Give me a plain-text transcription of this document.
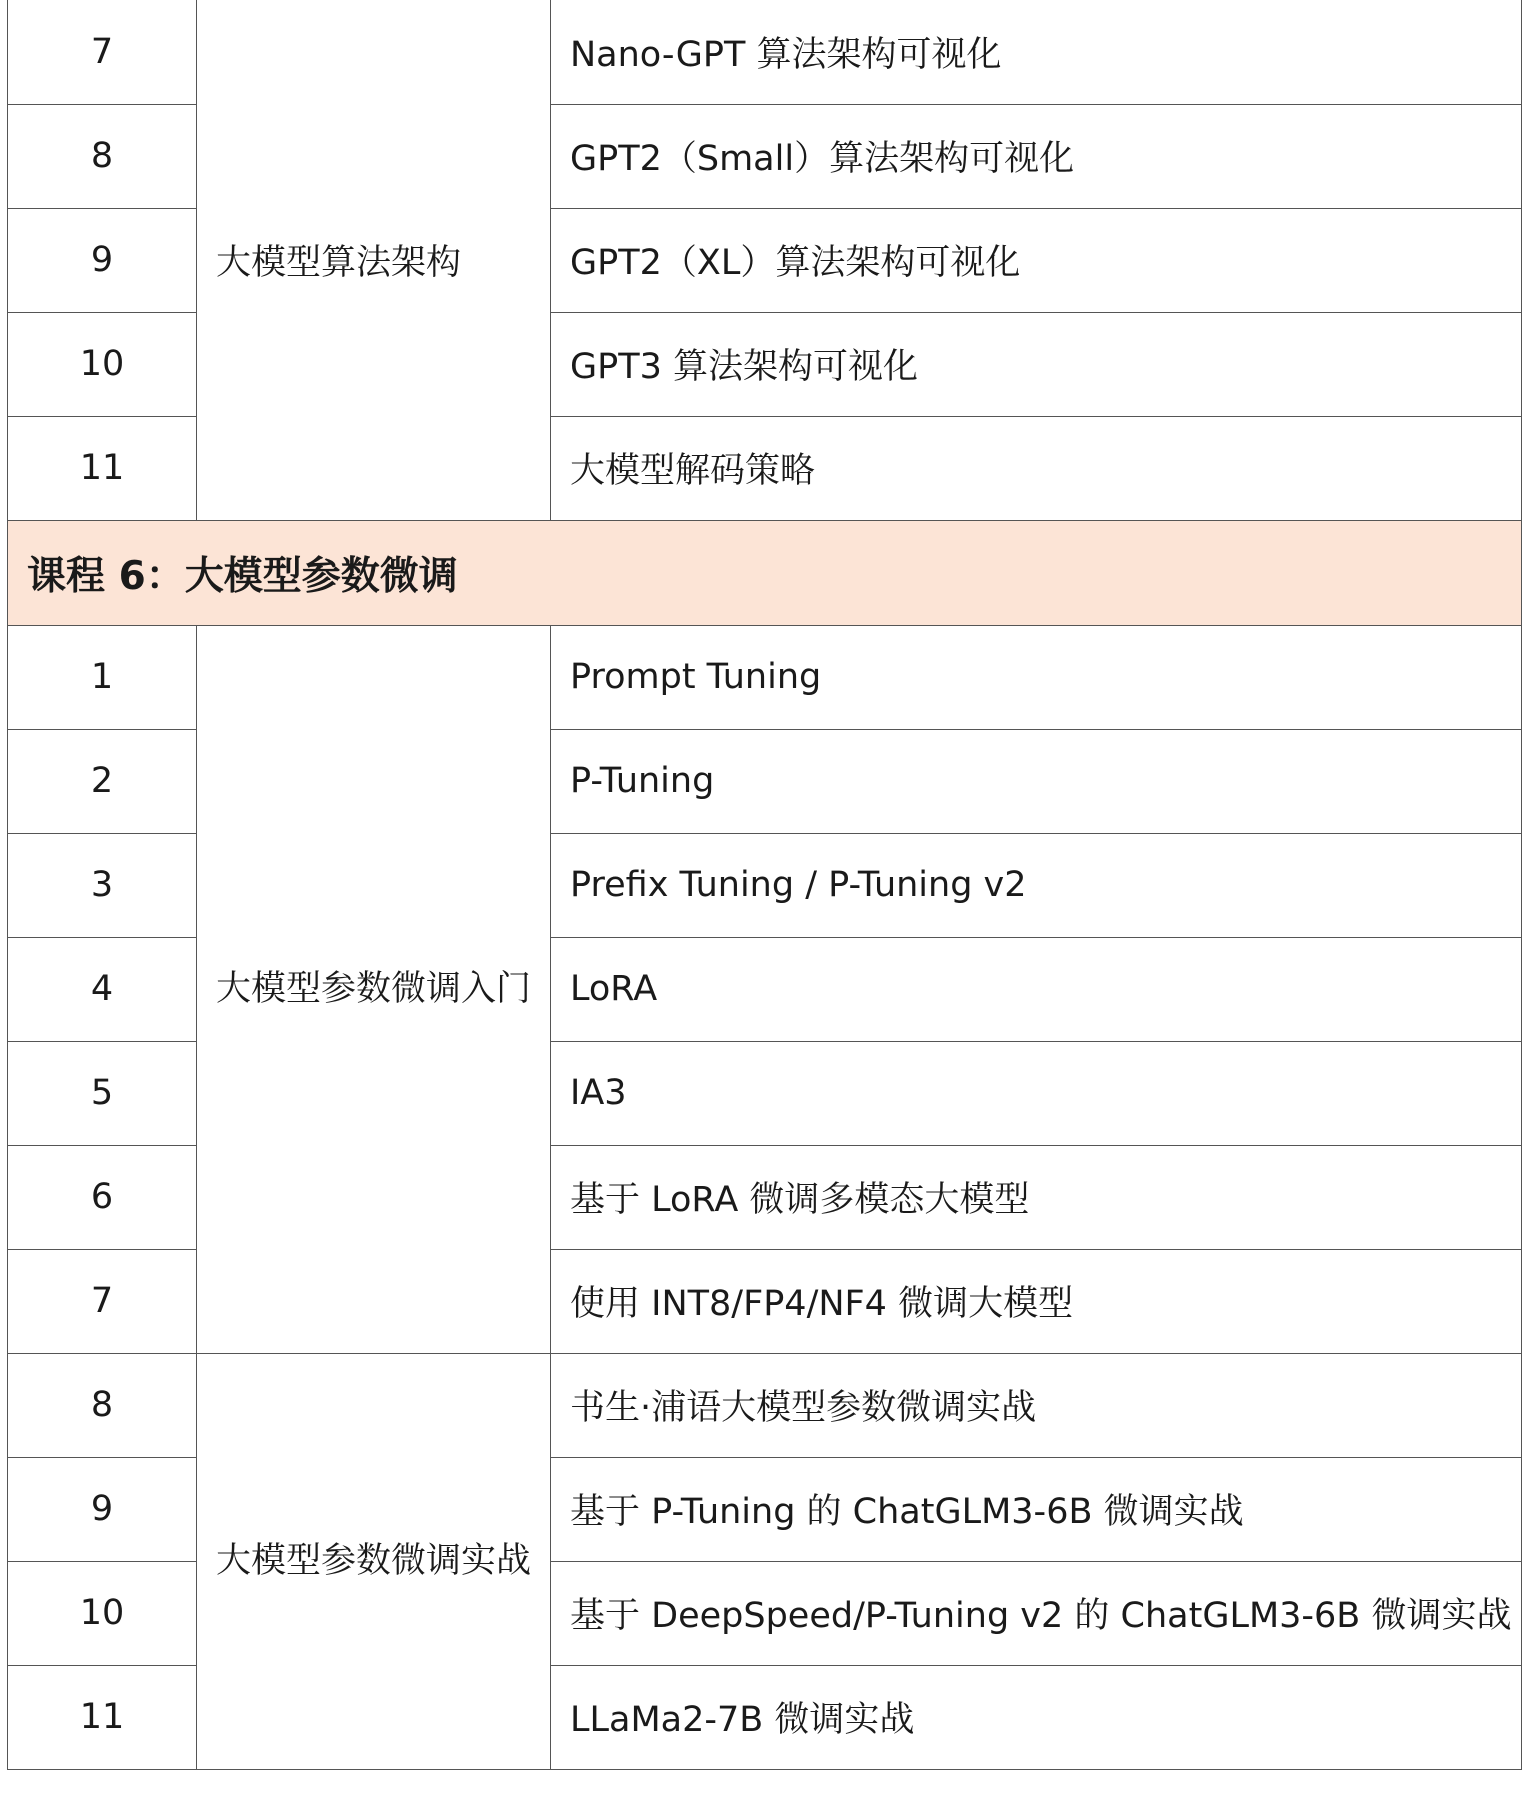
7	大模型算法架构	Nano-GPT 算法架构可视化
8		GPT2（Small）算法架构可视化
9		GPT2（XL）算法架构可视化
10		GPT3 算法架构可视化
11		大模型解码策略
课程 6：大模型参数微调		
1	大模型参数微调入门	Prompt Tuning
2		P-Tuning
3		Prefix Tuning / P-Tuning v2
4		LoRA
5		IA3
6		基于 LoRA 微调多模态大模型
7		使用 INT8/FP4/NF4 微调大模型
8	大模型参数微调实战	书生·浦语大模型参数微调实战
9		基于 P-Tuning 的 ChatGLM3-6B 微调实战
10		基于 DeepSpeed/P-Tuning v2 的 ChatGLM3-6B 微调实战
11		LLaMa2-7B 微调实战
